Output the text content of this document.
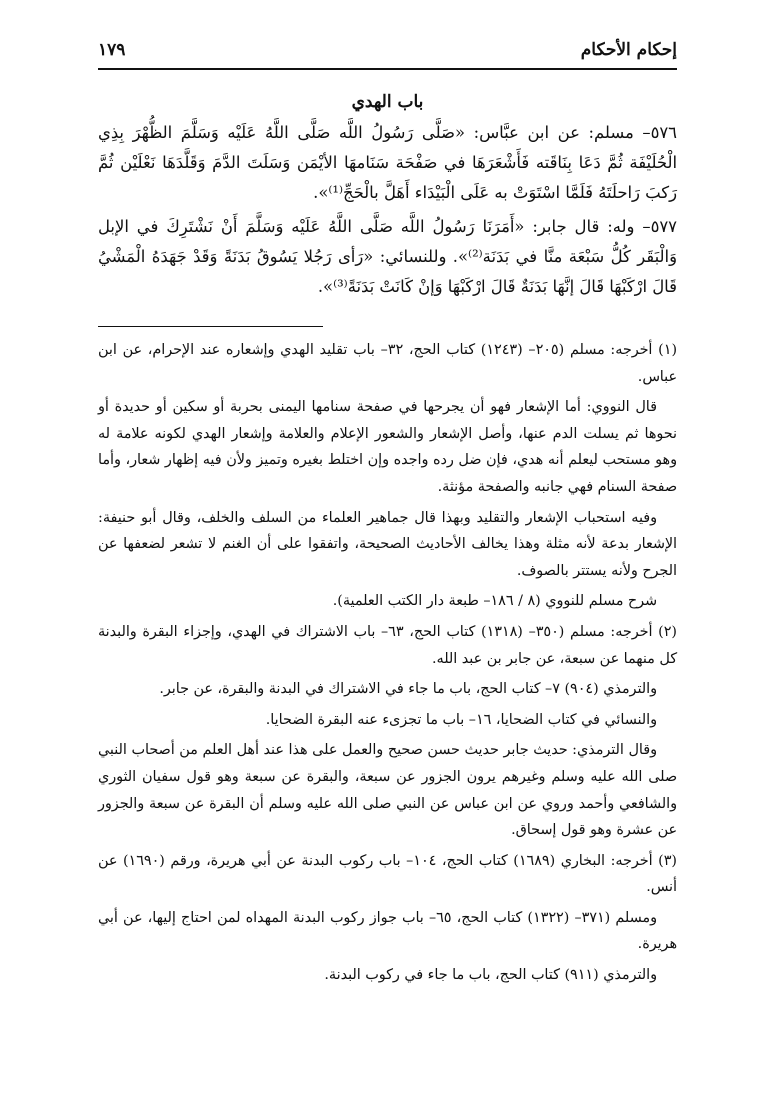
إحكام الأحكام
١٧٩
باب الهدي

٥٧٦– مسلم: عن ابن عبَّاس: «صَلَّى رَسُولُ اللَّه صَلَّى اللَّهُ عَلَيْه وَسَلَّمَ الظُّهْرَ بِذِي الْحُلَيْفَة ثُمَّ دَعَا بِنَاقَته فَأَشْعَرَهَا في صَفْحَة سَنَامهَا الأيْمَن وَسَلَتَ الدَّمَ وَقَلَّدَهَا نَعْلَيْن ثُمَّ رَكبَ رَاحلَتَهُ فَلَمَّا اسْتَوَتْ به عَلَى الْبَيْدَاء أَهَلَّ بالْحَجِّ⁽¹⁾».

٥٧٧– وله: قال جابر: «أَمَرَنَا رَسُولُ اللَّه صَلَّى اللَّهُ عَلَيْه وَسَلَّمَ أَنْ نَشْتَرِكَ في الإبل وَالْبَقَر كُلُّ سَبْعَة منَّا في بَدَنَة⁽²⁾». وللنسائي: «رَأى رَجُلا يَسُوقُ بَدَنَةً وَقَدْ جَهَدَهُ الْمَشْيُ قَالَ ارْكَبْهَا قَالَ إنَّهَا بَدَنَةٌ قَالَ ارْكَبْهَا وَإنْ كَانَتْ بَدَنَةً⁽³⁾».

(١) أخرجه: مسلم (٢٠٥– (١٢٤٣) كتاب الحج، ٣٢– باب تقليد الهدي وإشعاره عند الإحرام، عن ابن عباس.

قال النووي: أما الإشعار فهو أن يجرحها في صفحة سنامها اليمنى بحربة أو سكين أو حديدة أو نحوها ثم يسلت الدم عنها، وأصل الإشعار والشعور الإعلام والعلامة وإشعار الهدي لكونه علامة له وهو مستحب ليعلم أنه هدي، فإن ضل رده واجده وإن اختلط بغيره وتميز ولأن فيه إظهار شعار، وأما صفحة السنام فهي جانبه والصفحة مؤنثة.

وفيه استحباب الإشعار والتقليد وبهذا قال جماهير العلماء من السلف والخلف، وقال أبو حنيفة: الإشعار بدعة لأنه مثلة وهذا يخالف الأحاديث الصحيحة، واتفقوا على أن الغنم لا تشعر لضعفها عن الجرح ولأنه يستتر بالصوف.

شرح مسلم للنووي (٨ / ١٨٦– طبعة دار الكتب العلمية).

(٢) أخرجه: مسلم (٣٥٠– (١٣١٨) كتاب الحج، ٦٣– باب الاشتراك في الهدي، وإجزاء البقرة والبدنة كل منهما عن سبعة، عن جابر بن عبد الله.

والترمذي (٩٠٤) ٧– كتاب الحج، باب ما جاء في الاشتراك في البدنة والبقرة، عن جابر.

والنسائي في كتاب الضحايا، ١٦– باب ما تجزىء عنه البقرة الضحايا.

وقال الترمذي: حديث جابر حديث حسن صحيح والعمل على هذا عند أهل العلم من أصحاب النبي صلى الله عليه وسلم وغيرهم يرون الجزور عن سبعة، والبقرة عن سبعة وهو قول سفيان الثوري والشافعي وأحمد وروي عن ابن عباس عن النبي صلى الله عليه وسلم أن البقرة عن سبعة والجزور عن عشرة وهو قول إسحاق.

(٣) أخرجه: البخاري (١٦٨٩) كتاب الحج، ١٠٤– باب ركوب البدنة عن أبي هريرة، ورقم (١٦٩٠) عن أنس.

ومسلم (٣٧١– (١٣٢٢) كتاب الحج، ٦٥– باب جواز ركوب البدنة المهداه لمن احتاج إليها، عن أبي هريرة.

والترمذي (٩١١) كتاب الحج، باب ما جاء في ركوب البدنة.
